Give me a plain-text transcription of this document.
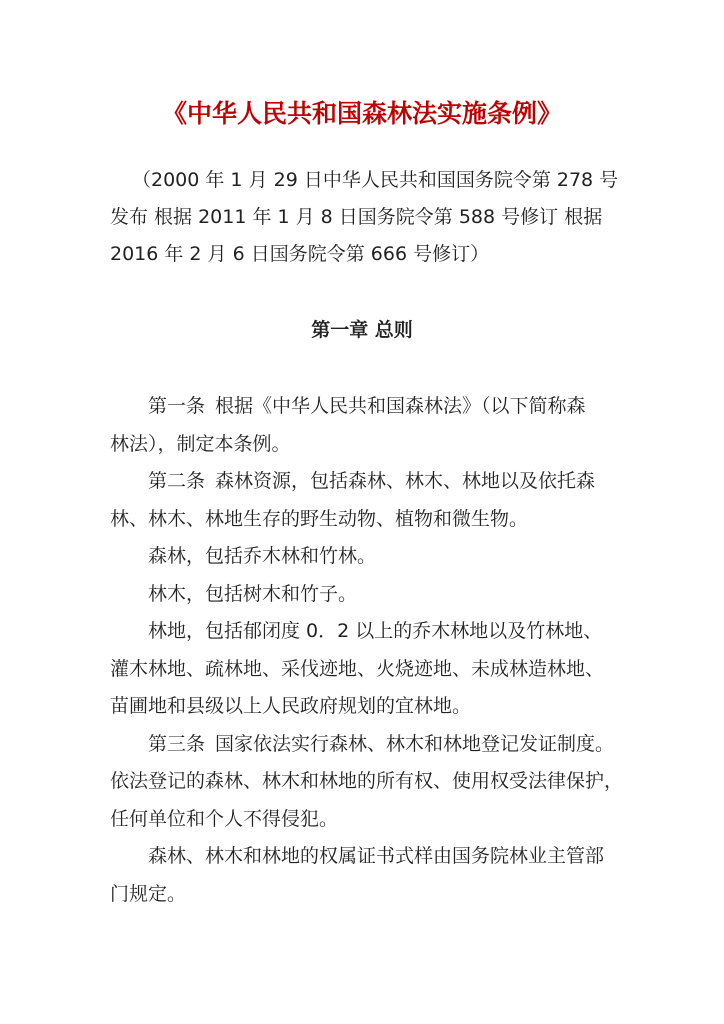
《中华人民共和国森林法实施条例》
（2000 年 1 月 29 日中华人民共和国国务院令第 278 号
发布 根据 2011 年 1 月 8 日国务院令第 588 号修订 根据
2016 年 2 月 6 日国务院令第 666 号修订）
第一章 总则
第一条 根据《中华人民共和国森林法》（以下简称森
林法），制定本条例。
第二条 森林资源，包括森林、林木、林地以及依托森
林、林木、林地生存的野生动物、植物和微生物。
森林，包括乔木林和竹林。
林木，包括树木和竹子。
林地，包括郁闭度 0．2 以上的乔木林地以及竹林地、
灌木林地、疏林地、采伐迹地、火烧迹地、未成林造林地、
苗圃地和县级以上人民政府规划的宜林地。
第三条 国家依法实行森林、林木和林地登记发证制度。
依法登记的森林、林木和林地的所有权、使用权受法律保护，
任何单位和个人不得侵犯。
森林、林木和林地的权属证书式样由国务院林业主管部
门规定。
